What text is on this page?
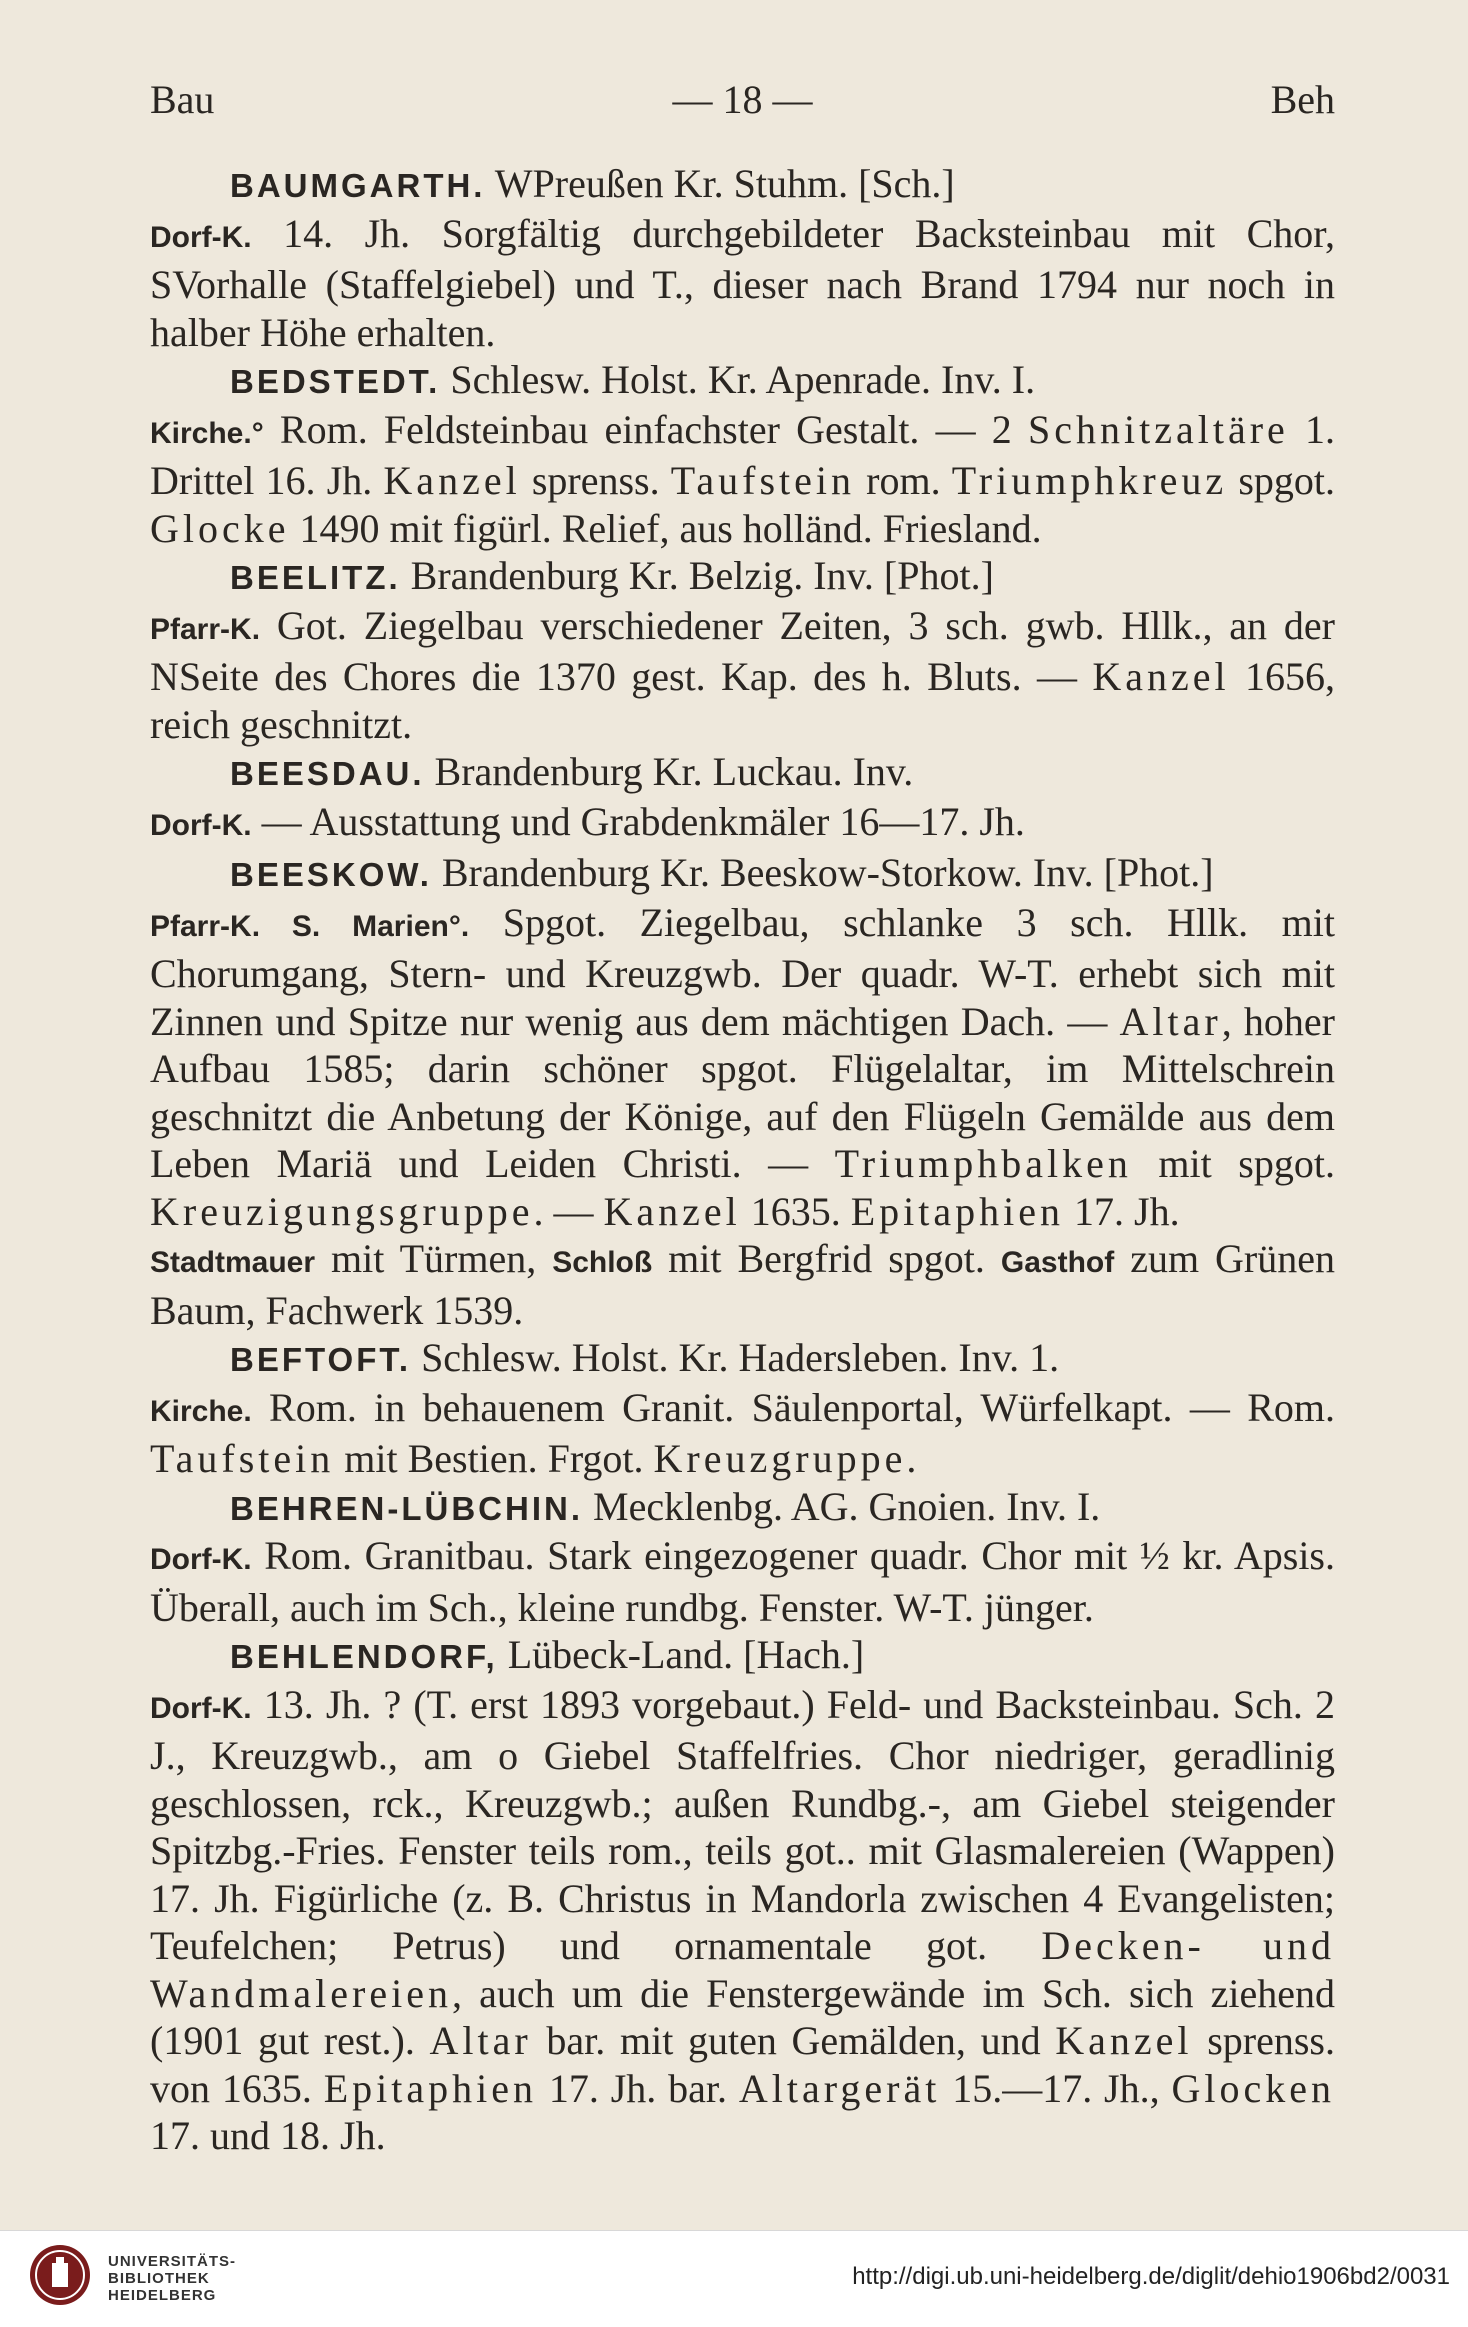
Bau	— 18 —	Beh

BAUMGARTH. WPreußen Kr. Stuhm. [Sch.]

Dorf-K. 14. Jh. Sorgfältig durchgebildeter Backsteinbau mit Chor, SVorhalle (Staffelgiebel) und T., dieser nach Brand 1794 nur noch in halber Höhe erhalten.

BEDSTEDT. Schlesw. Holst. Kr. Apenrade. Inv. I.

Kirche.° Rom. Feldsteinbau einfachster Gestalt. — 2 Schnitzaltäre 1. Drittel 16. Jh. Kanzel sprenss. Taufstein rom. Triumphkreuz spgot. Glocke 1490 mit figürl. Relief, aus holländ. Friesland.

BEELITZ. Brandenburg Kr. Belzig. Inv. [Phot.]

Pfarr-K. Got. Ziegelbau verschiedener Zeiten, 3 sch. gwb. Hllk., an der NSeite des Chores die 1370 gest. Kap. des h. Bluts. — Kanzel 1656, reich geschnitzt.

BEESDAU. Brandenburg Kr. Luckau. Inv.

Dorf-K. — Ausstattung und Grabdenkmäler 16—17. Jh.

BEESKOW. Brandenburg Kr. Beeskow-Storkow. Inv. [Phot.]

Pfarr-K. S. Marien°. Spgot. Ziegelbau, schlanke 3 sch. Hllk. mit Chorumgang, Stern- und Kreuzgwb. Der quadr. W-T. erhebt sich mit Zinnen und Spitze nur wenig aus dem mächtigen Dach. — Altar, hoher Aufbau 1585; darin schöner spgot. Flügelaltar, im Mittelschrein geschnitzt die Anbetung der Könige, auf den Flügeln Gemälde aus dem Leben Mariä und Leiden Christi. — Triumphbalken mit spgot. Kreuzigungsgruppe. — Kanzel 1635. Epitaphien 17. Jh.

Stadtmauer mit Türmen, Schloß mit Bergfrid spgot. Gasthof zum Grünen Baum, Fachwerk 1539.

BEFTOFT. Schlesw. Holst. Kr. Hadersleben. Inv. 1.

Kirche. Rom. in behauenem Granit. Säulenportal, Würfelkapt. — Rom. Taufstein mit Bestien. Frgot. Kreuzgruppe.

BEHREN-LÜBCHIN. Mecklenbg. AG. Gnoien. Inv. I.

Dorf-K. Rom. Granitbau. Stark eingezogener quadr. Chor mit ½ kr. Apsis. Überall, auch im Sch., kleine rundbg. Fenster. W-T. jünger.

BEHLENDORF, Lübeck-Land. [Hach.]

Dorf-K. 13. Jh. ? (T. erst 1893 vorgebaut.) Feld- und Backsteinbau. Sch. 2 J., Kreuzgwb., am o Giebel Staffelfries. Chor niedriger, geradlinig geschlossen, rck., Kreuzgwb.; außen Rundbg.-, am Giebel steigender Spitzbg.-Fries. Fenster teils rom., teils got.. mit Glasmalereien (Wappen) 17. Jh. Figürliche (z. B. Christus in Mandorla zwischen 4 Evangelisten; Teufelchen; Petrus) und ornamentale got. Decken- und Wandmalereien, auch um die Fenstergewände im Sch. sich ziehend (1901 gut rest.). Altar bar. mit guten Gemälden, und Kanzel sprenss. von 1635. Epitaphien 17. Jh. bar. Altargerät 15.—17. Jh., Glocken 17. und 18. Jh.

UNIVERSITÄTS-
BIBLIOTHEK
HEIDELBERG
http://digi.ub.uni-heidelberg.de/diglit/dehio1906bd2/0031
